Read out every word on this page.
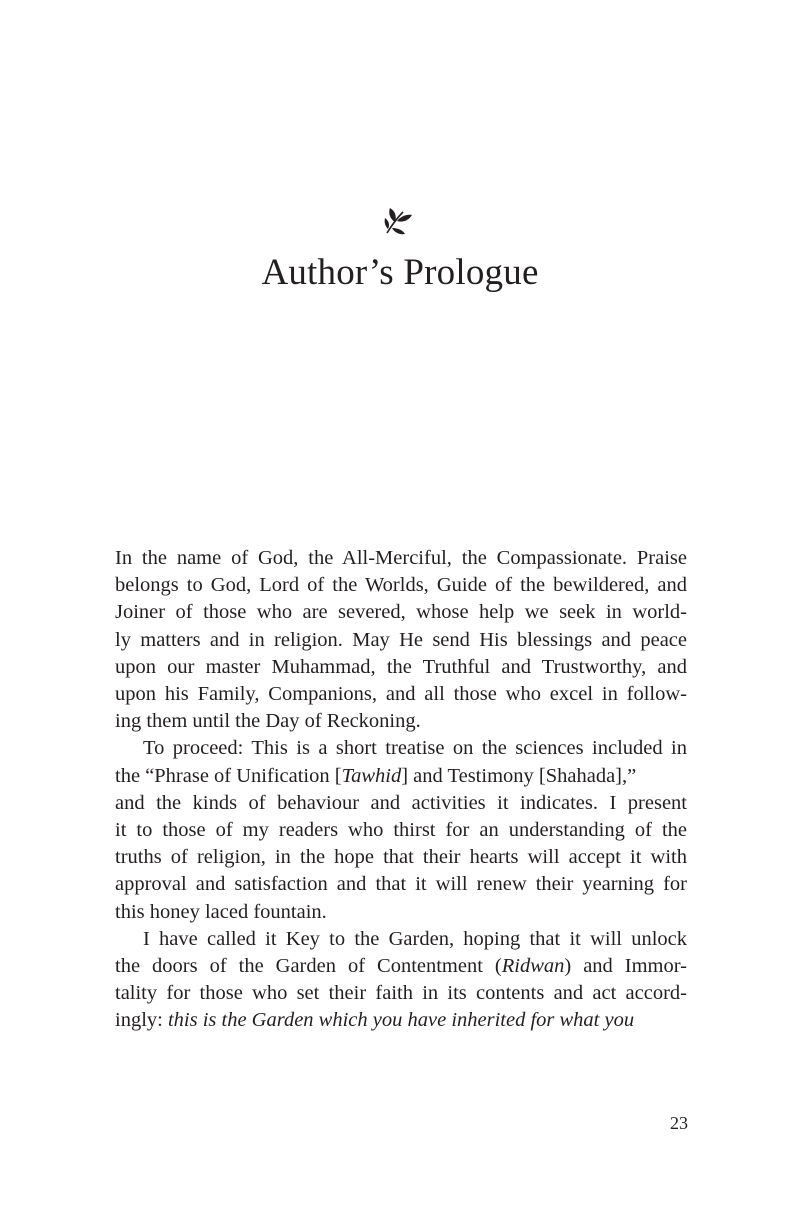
Author’s Prologue
In the name of God, the All-Merciful, the Compassionate. Praise
belongs to God, Lord of the Worlds, Guide of the bewildered, and
Joiner of those who are severed, whose help we seek in world-
ly matters and in religion. May He send His blessings and peace
upon our master Muhammad, the Truthful and Trustworthy, and
upon his Family, Companions, and all those who excel in follow-
ing them until the Day of Reckoning.
To proceed: This is a short treatise on the sciences included in
the “Phrase of Unification [Tawhid] and Testimony [Shahada],”
and the kinds of behaviour and activities it indicates. I present
it to those of my readers who thirst for an understanding of the
truths of religion, in the hope that their hearts will accept it with
approval and satisfaction and that it will renew their yearning for
this honey laced fountain.
I have called it Key to the Garden, hoping that it will unlock
the doors of the Garden of Contentment (Ridwan) and Immor-
tality for those who set their faith in its contents and act accord-
ingly: this is the Garden which you have inherited for what you
23
